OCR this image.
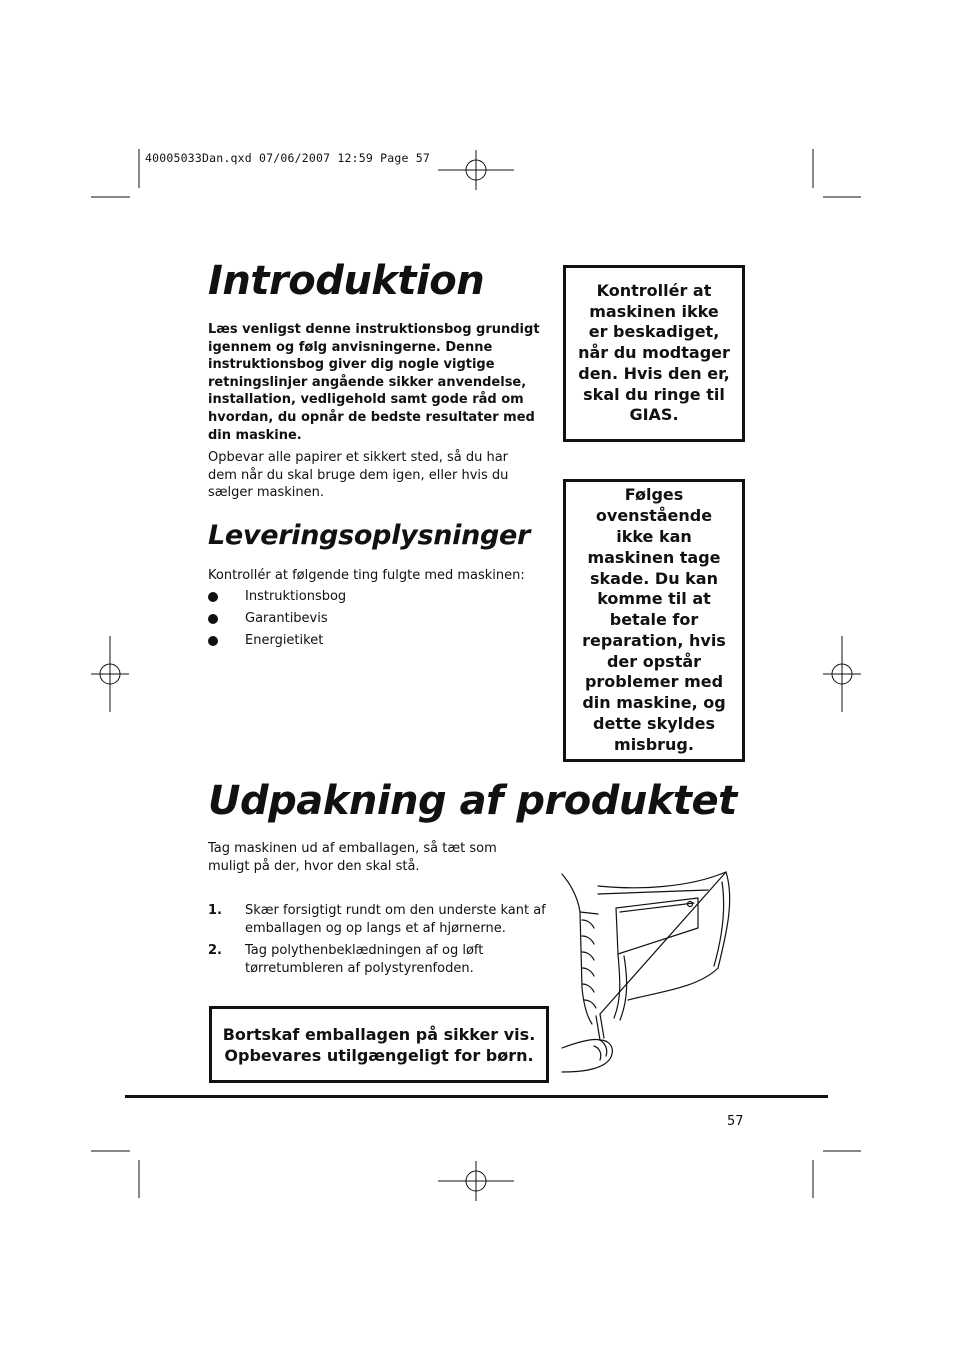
40005033Dan.qxd 07/06/2007 12:59 Page 57
Introduktion

Læs venligst denne instruktionsbog grundigt igennem og følg anvisningerne. Denne instruktionsbog giver dig nogle vigtige retningslinjer angående sikker anvendelse, installation, vedligehold samt gode råd om hvordan, du opnår de bedste resultater med din maskine.

Opbevar alle papirer et sikkert sted, så du har dem når du skal bruge dem igen, eller hvis du sælger maskinen.

Leveringsoplysninger

Kontrollér at følgende ting fulgte med maskinen:

Instruktionsbog
Garantibevis
Energietiket
Kontrollér at maskinen ikke er beskadiget, når du modtager den. Hvis den er, skal du ringe til GIAS.
Følges ovenstående ikke kan maskinen tage skade. Du kan komme til at betale for reparation, hvis der opstår problemer med din maskine, og dette skyldes misbrug.
Udpakning af produktet

Tag maskinen ud af emballagen, så tæt som muligt på der, hvor den skal stå.

1. Skær forsigtigt rundt om den underste kant af emballagen og op langs et af hjørnerne.
2. Tag polythenbeklædningen af og løft tørretumbleren af polystyrenfoden.
Bortskaf emballagen på sikker vis.
Opbevares utilgængeligt for børn.
57
